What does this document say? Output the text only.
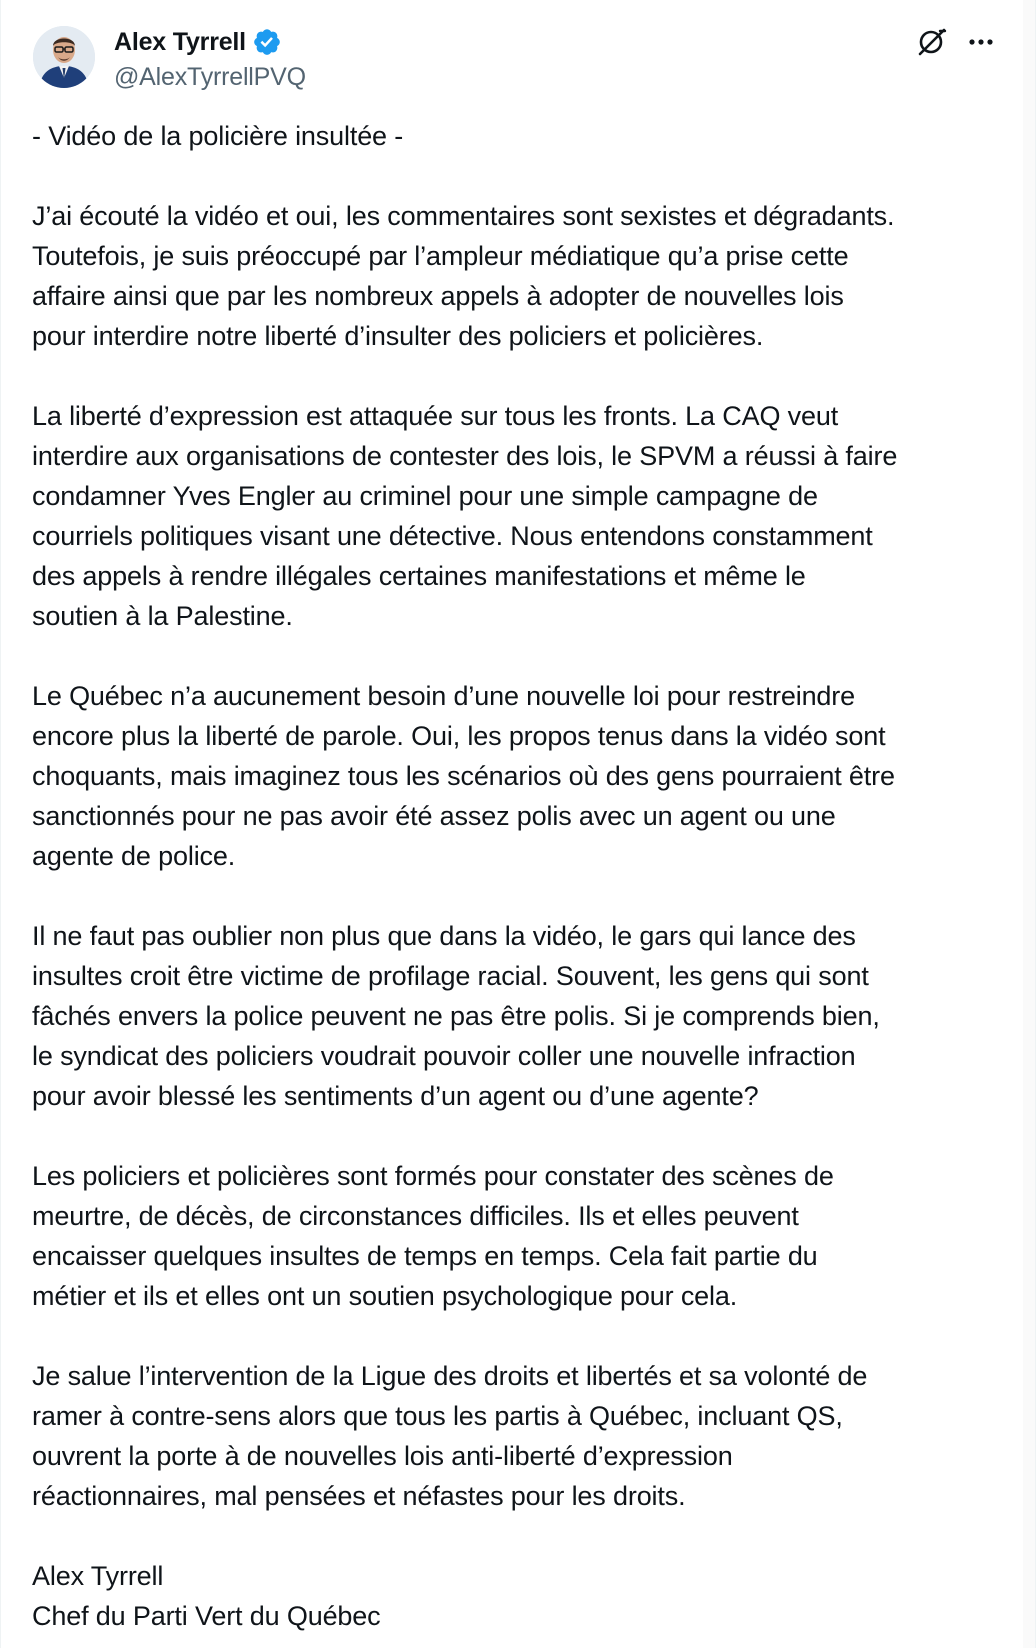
Alex Tyrrell
@AlexTyrrellPVQ

- Vidéo de la policière insultée -

J’ai écouté la vidéo et oui, les commentaires sont sexistes et dégradants.
Toutefois, je suis préoccupé par l’ampleur médiatique qu’a prise cette
affaire ainsi que par les nombreux appels à adopter de nouvelles lois
pour interdire notre liberté d’insulter des policiers et policières.

La liberté d’expression est attaquée sur tous les fronts. La CAQ veut
interdire aux organisations de contester des lois, le SPVM a réussi à faire
condamner Yves Engler au criminel pour une simple campagne de
courriels politiques visant une détective. Nous entendons constamment
des appels à rendre illégales certaines manifestations et même le
soutien à la Palestine.

Le Québec n’a aucunement besoin d’une nouvelle loi pour restreindre
encore plus la liberté de parole. Oui, les propos tenus dans la vidéo sont
choquants, mais imaginez tous les scénarios où des gens pourraient être
sanctionnés pour ne pas avoir été assez polis avec un agent ou une
agente de police.

Il ne faut pas oublier non plus que dans la vidéo, le gars qui lance des
insultes croit être victime de profilage racial. Souvent, les gens qui sont
fâchés envers la police peuvent ne pas être polis. Si je comprends bien,
le syndicat des policiers voudrait pouvoir coller une nouvelle infraction
pour avoir blessé les sentiments d’un agent ou d’une agente?

Les policiers et policières sont formés pour constater des scènes de
meurtre, de décès, de circonstances difficiles. Ils et elles peuvent
encaisser quelques insultes de temps en temps. Cela fait partie du
métier et ils et elles ont un soutien psychologique pour cela.

Je salue l’intervention de la Ligue des droits et libertés et sa volonté de
ramer à contre-sens alors que tous les partis à Québec, incluant QS,
ouvrent la porte à de nouvelles lois anti-liberté d’expression
réactionnaires, mal pensées et néfastes pour les droits.

Alex Tyrrell
Chef du Parti Vert du Québec
